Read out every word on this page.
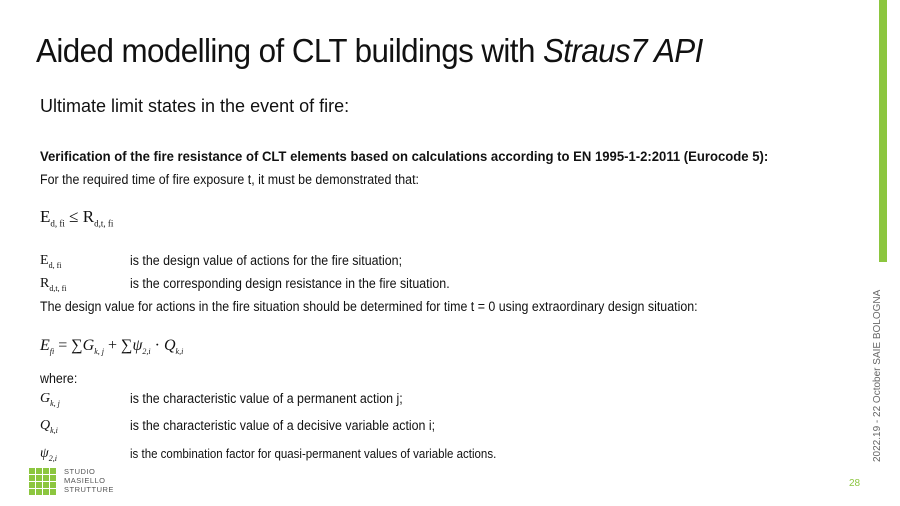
Aided modelling of CLT buildings with Straus7 API
Ultimate limit states in the event of fire:
Verification of the fire resistance of CLT elements based on calculations according to EN 1995-1-2:2011 (Eurocode 5):
For the required time of fire exposure t, it must be demonstrated that:
$E_{d, fi} \le R_{d,t, fi}$
$E_{d, fi}$	is the design value of actions for the fire situation;
$R_{d,t, fi}$	is the corresponding design resistance in the fire situation.
The design value for actions in the fire situation should be determined for time t = 0 using extraordinary design situation:
$E_{fi} = \sum G_{k, j} + \sum\psi_{2,i} \cdot Q_{k,i}$
where:
$G_{k, j}$	is the characteristic value of a permanent action j;
$Q_{k,i}$	is the characteristic value of a decisive variable action i;
$\psi_{2,i}$	is the combination factor for quasi-permanent values of variable actions.	2022.19 - 22 October SAIE BOLOGNA
28
STUDIO
MASIELLO
STRUTTURE
